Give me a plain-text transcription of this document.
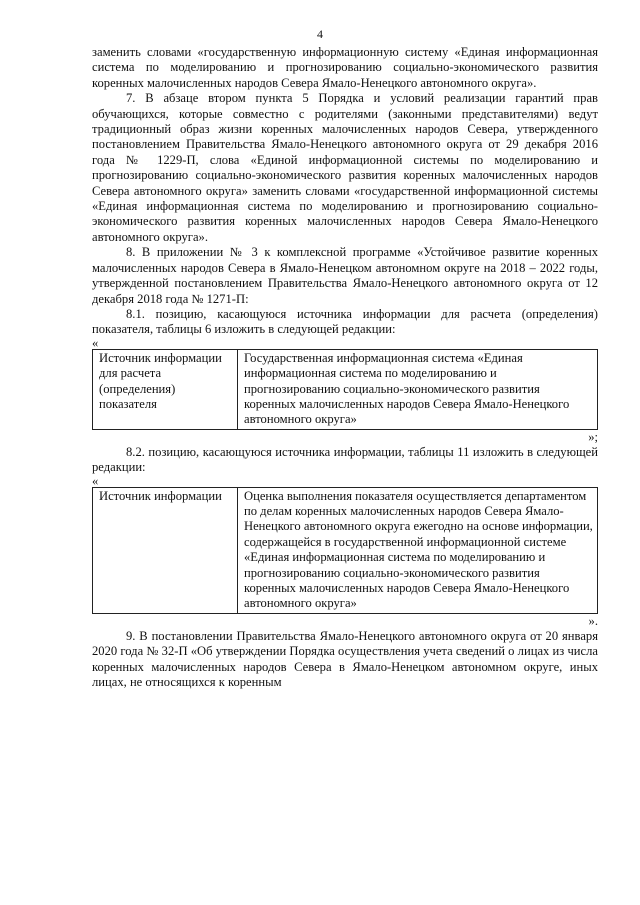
4

заменить словами «государственную информационную систему «Единая информационная система по моделированию и прогнозированию социально-экономического развития коренных малочисленных народов Севера Ямало-Ненецкого автономного округа».

7. В абзаце втором пункта 5 Порядка и условий реализации гарантий прав обучающихся, которые совместно с родителями (законными представителями) ведут традиционный образ жизни коренных малочисленных народов Севера, утвержденного постановлением Правительства Ямало-Ненецкого автономного округа от 29 декабря 2016 года № 1229-П, слова «Единой информационной системы по моделированию и прогнозированию социально-экономического развития коренных малочисленных народов Севера автономного округа» заменить словами «государственной информационной системы «Единая информационная система по моделированию и прогнозированию социально-экономического развития коренных малочисленных народов Севера Ямало-Ненецкого автономного округа».

8. В приложении № 3 к комплексной программе «Устойчивое развитие коренных малочисленных народов Севера в Ямало-Ненецком автономном округе на 2018 – 2022 годы, утвержденной постановлением Правительства Ямало-Ненецкого автономного округа от 12 декабря 2018 года № 1271-П:

8.1. позицию, касающуюся источника информации для расчета (определения) показателя, таблицы 6 изложить в следующей редакции:

«

Источник информации для расчета (определения) показателя	Государственная информационная система «Единая информационная система по моделированию и прогнозированию социально-экономического развития коренных малочисленных народов Севера Ямало-Ненецкого автономного округа»

»;

8.2. позицию, касающуюся источника информации, таблицы 11 изложить в следующей редакции:

«

Источник информации	Оценка выполнения показателя осуществляется департаментом по делам коренных малочисленных народов Севера Ямало-Ненецкого автономного округа ежегодно на основе информации, содержащейся в государственной информационной системе «Единая информационная система по моделированию и прогнозированию социально-экономического развития коренных малочисленных народов Севера Ямало-Ненецкого автономного округа»

».

9. В постановлении Правительства Ямало-Ненецкого автономного округа от 20 января 2020 года № 32-П «Об утверждении Порядка осуществления учета сведений о лицах из числа коренных малочисленных народов Севера в Ямало-Ненецком автономном округе, иных лицах, не относящихся к коренным
